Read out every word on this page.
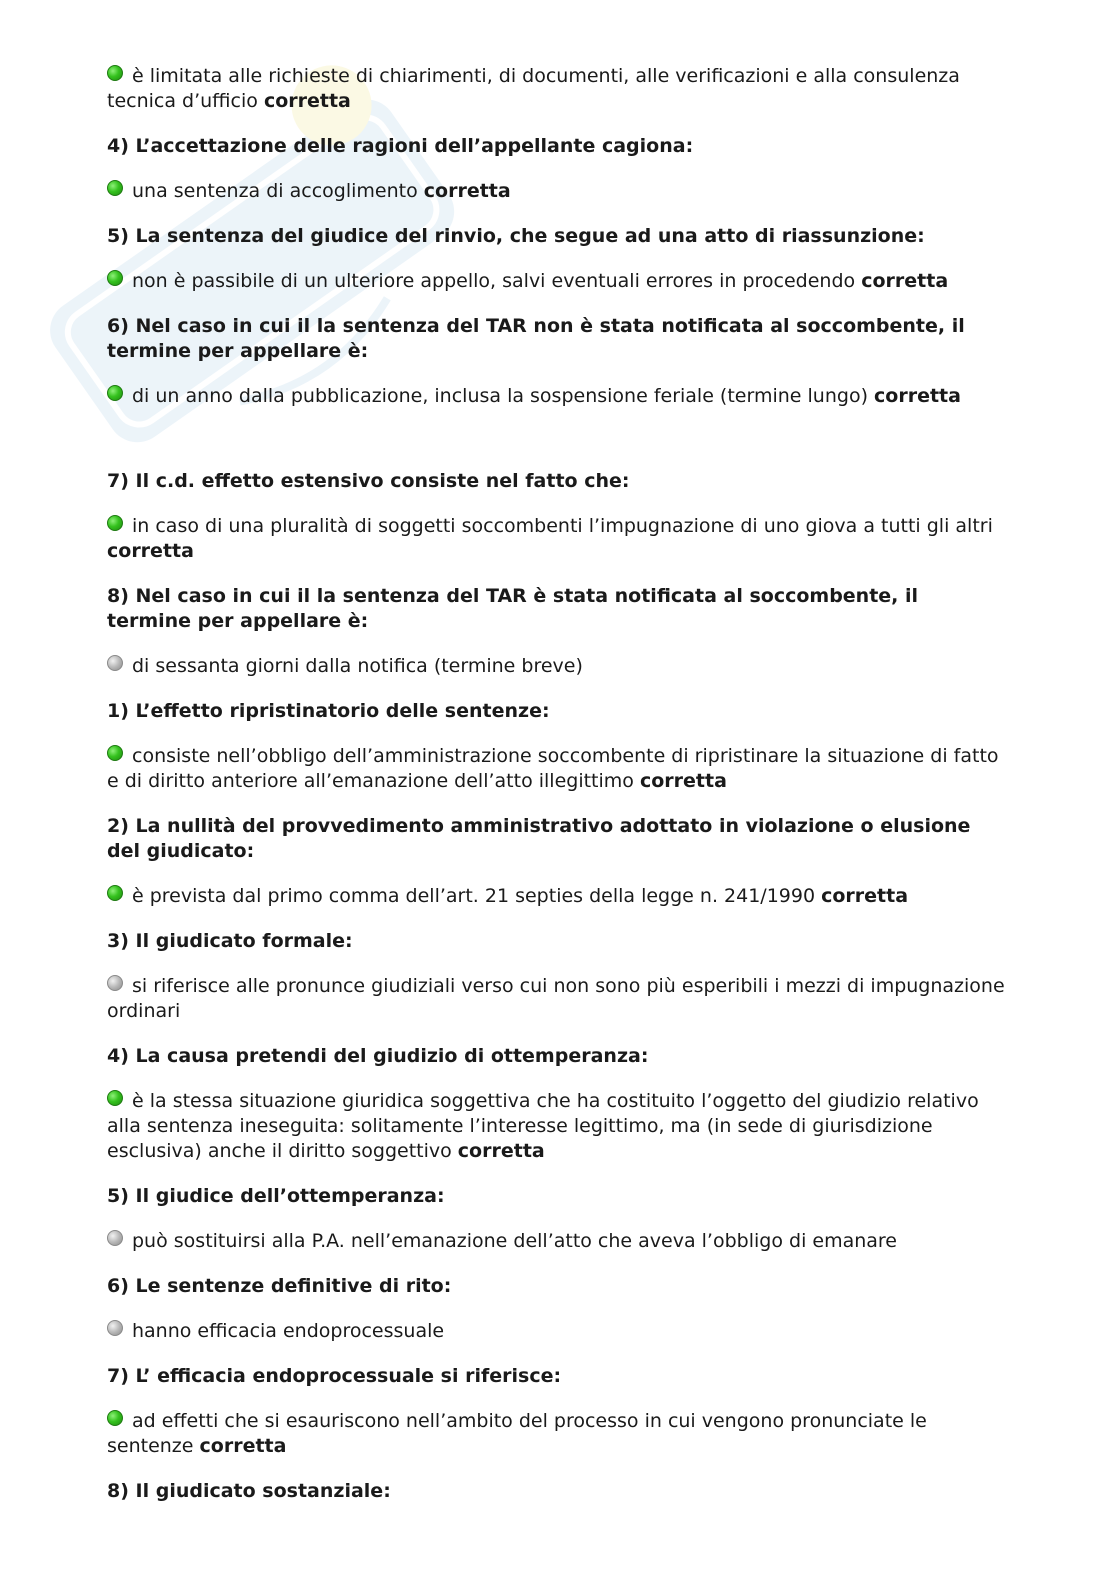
è limitata alle richieste di chiarimenti, di documenti, alle verificazioni e alla consulenza tecnica d’ufficio corretta
4) L’accettazione delle ragioni dell’appellante cagiona:
una sentenza di accoglimento corretta
5) La sentenza del giudice del rinvio, che segue ad una atto di riassunzione:
non è passibile di un ulteriore appello, salvi eventuali errores in procedendo corretta
6) Nel caso in cui il la sentenza del TAR non è stata notificata al soccombente, il termine per appellare è:
di un anno dalla pubblicazione, inclusa la sospensione feriale (termine lungo) corretta
7) Il c.d. effetto estensivo consiste nel fatto che:
in caso di una pluralità di soggetti soccombenti l’impugnazione di uno giova a tutti gli altri corretta
8) Nel caso in cui il la sentenza del TAR è stata notificata al soccombente, il termine per appellare è:
di sessanta giorni dalla notifica (termine breve)
1) L’effetto ripristinatorio delle sentenze:
consiste nell’obbligo dell’amministrazione soccombente di ripristinare la situazione di fatto e di diritto anteriore all’emanazione dell’atto illegittimo corretta
2) La nullità del provvedimento amministrativo adottato in violazione o elusione del giudicato:
è prevista dal primo comma dell’art. 21 septies della legge n. 241/1990 corretta
3) Il giudicato formale:
si riferisce alle pronunce giudiziali verso cui non sono più esperibili i mezzi di impugnazione ordinari
4) La causa pretendi del giudizio di ottemperanza:
è la stessa situazione giuridica soggettiva che ha costituito l’oggetto del giudizio relativo alla sentenza ineseguita: solitamente l’interesse legittimo, ma (in sede di giurisdizione esclusiva) anche il diritto soggettivo corretta
5) Il giudice dell’ottemperanza:
può sostituirsi alla P.A. nell’emanazione dell’atto che aveva l’obbligo di emanare
6) Le sentenze definitive di rito:
hanno efficacia endoprocessuale
7) L’ efficacia endoprocessuale si riferisce:
ad effetti che si esauriscono nell’ambito del processo in cui vengono pronunciate le sentenze corretta
8) Il giudicato sostanziale:
